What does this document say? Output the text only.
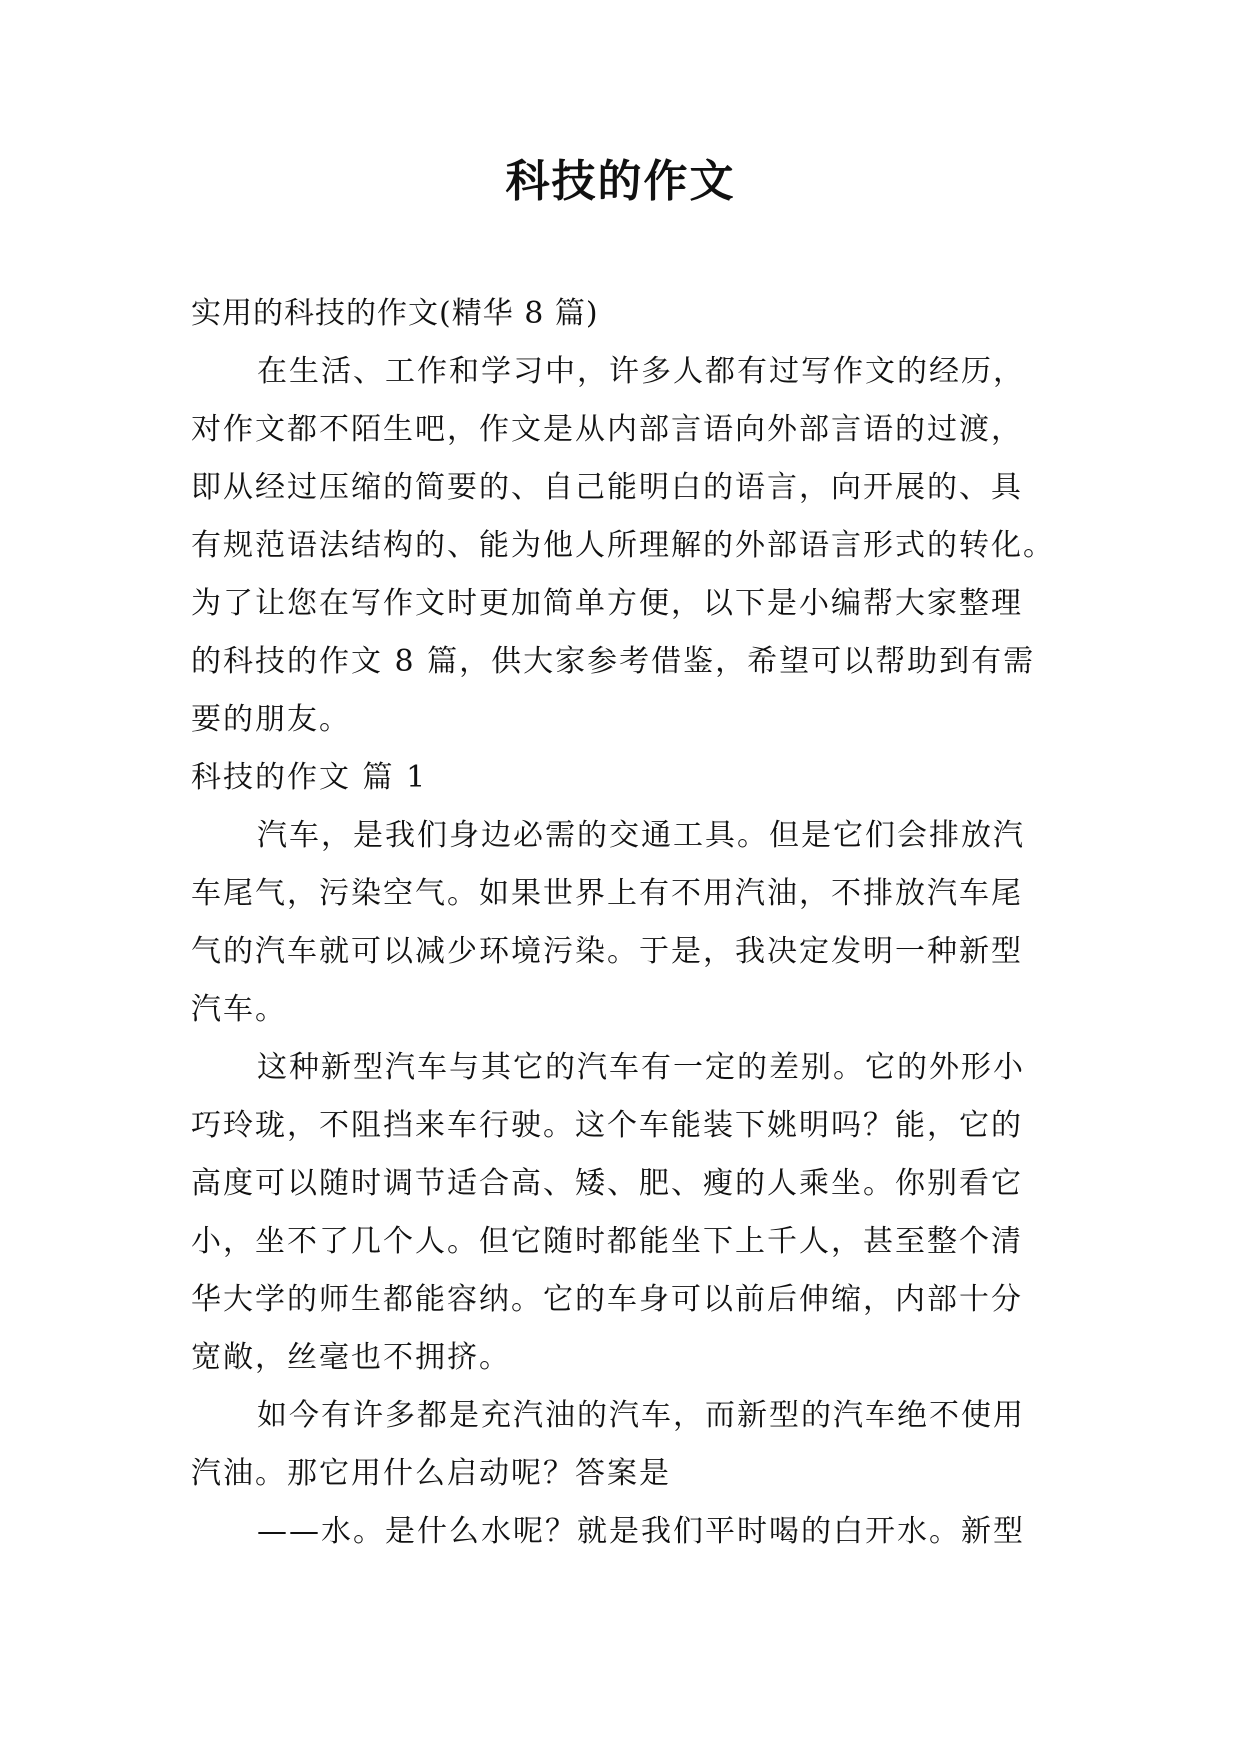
科技的作文

实用的科技的作文(精华 8 篇)

在生活、工作和学习中，许多人都有过写作文的经历，

对作文都不陌生吧，作文是从内部言语向外部言语的过渡，

即从经过压缩的简要的、自己能明白的语言，向开展的、具

有规范语法结构的、能为他人所理解的外部语言形式的转化。

为了让您在写作文时更加简单方便，以下是小编帮大家整理

的科技的作文 8 篇，供大家参考借鉴，希望可以帮助到有需

要的朋友。

科技的作文 篇 1

汽车，是我们身边必需的交通工具。但是它们会排放汽

车尾气，污染空气。如果世界上有不用汽油，不排放汽车尾

气的汽车就可以减少环境污染。于是，我决定发明一种新型

汽车。

这种新型汽车与其它的汽车有一定的差别。它的外形小

巧玲珑，不阻挡来车行驶。这个车能装下姚明吗？能，它的

高度可以随时调节适合高、矮、肥、瘦的人乘坐。你别看它

小，坐不了几个人。但它随时都能坐下上千人，甚至整个清

华大学的师生都能容纳。它的车身可以前后伸缩，内部十分

宽敞，丝毫也不拥挤。

如今有许多都是充汽油的汽车，而新型的汽车绝不使用

汽油。那它用什么启动呢？答案是

——水。是什么水呢？就是我们平时喝的白开水。新型
